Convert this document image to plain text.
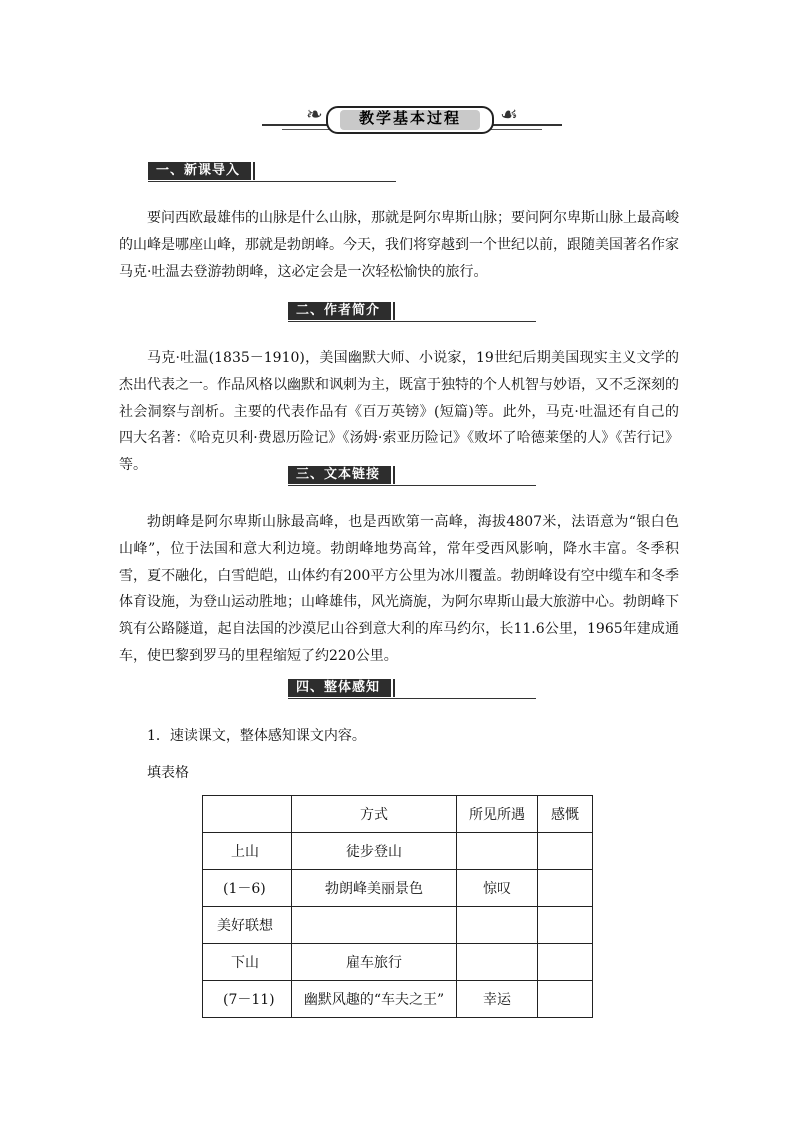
❧	☙
教学基本过程
一、新课导入
要问西欧最雄伟的山脉是什么山脉，那就是阿尔卑斯山脉；要问阿尔卑斯山脉上最高峻的山峰是哪座山峰，那就是勃朗峰。今天，我们将穿越到一个世纪以前，跟随美国著名作家马克·吐温去登游勃朗峰，这必定会是一次轻松愉快的旅行。
二、作者简介
马克·吐温(1835－1910)，美国幽默大师、小说家，19世纪后期美国现实主义文学的杰出代表之一。作品风格以幽默和讽刺为主，既富于独特的个人机智与妙语，又不乏深刻的社会洞察与剖析。主要的代表作品有《百万英镑》(短篇)等。此外，马克·吐温还有自己的四大名著：《哈克贝利·费恩历险记》《汤姆·索亚历险记》《败坏了哈德莱堡的人》《苦行记》等。
三、文本链接
勃朗峰是阿尔卑斯山脉最高峰，也是西欧第一高峰，海拔4807米，法语意为“银白色山峰”，位于法国和意大利边境。勃朗峰地势高耸，常年受西风影响，降水丰富。冬季积雪，夏不融化，白雪皑皑，山体约有200平方公里为冰川覆盖。勃朗峰设有空中缆车和冬季体育设施，为登山运动胜地；山峰雄伟，风光旖旎，为阿尔卑斯山最大旅游中心。勃朗峰下筑有公路隧道，起自法国的沙漠尼山谷到意大利的库马约尔，长11.6公里，1965年建成通车，使巴黎到罗马的里程缩短了约220公里。
四、整体感知
1．速读课文，整体感知课文内容。
填表格
	方式	所见所遇	感慨
上山	徒步登山		
(1－6)	勃朗峰美丽景色	惊叹	
美好联想			
下山	雇车旅行		
(7－11)	幽默风趣的“车夫之王”	幸运	
